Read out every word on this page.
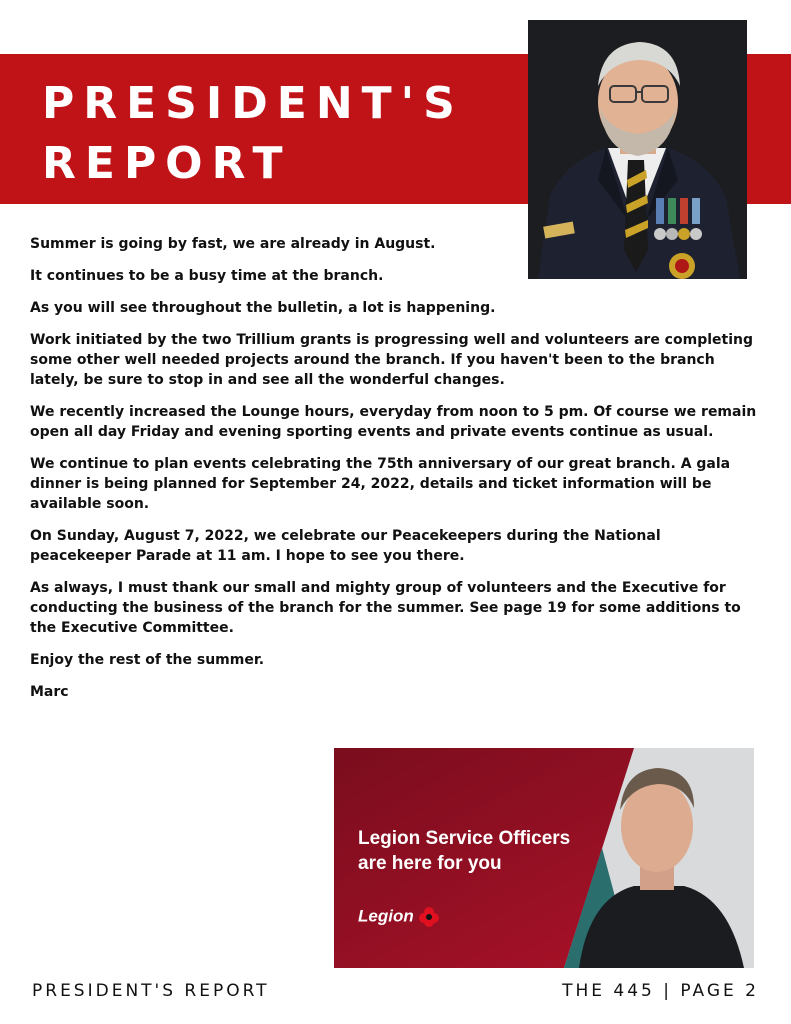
PRESIDENT'S
REPORT

Summer is going by fast, we are already in August.

It continues to be a busy time at the branch.

As you will see throughout the bulletin, a lot is happening.

Work initiated by the two Trillium grants is progressing well and volunteers are completing some other well needed projects around the branch. If you haven't been to the branch lately, be sure to stop in and see all the wonderful changes.

We recently increased the Lounge hours, everyday from noon to 5 pm. Of course we remain open all day Friday and evening sporting events and private events continue as usual.

We continue to plan events celebrating the 75th anniversary of our great branch. A gala dinner is being planned for September 24, 2022, details and ticket information will be available soon.

On Sunday, August 7, 2022, we celebrate our Peacekeepers during the National peacekeeper Parade at 11 am. I hope to see you there.

As always, I must thank our small and mighty group of volunteers and the Executive for conducting the business of the branch for the summer. See page 19 for some additions to the Executive Committee.

Enjoy the rest of the summer.

Marc

Legion Service Officers
are here for you
Legion
PRESIDENT'S REPORT	THE 445 | PAGE 2
